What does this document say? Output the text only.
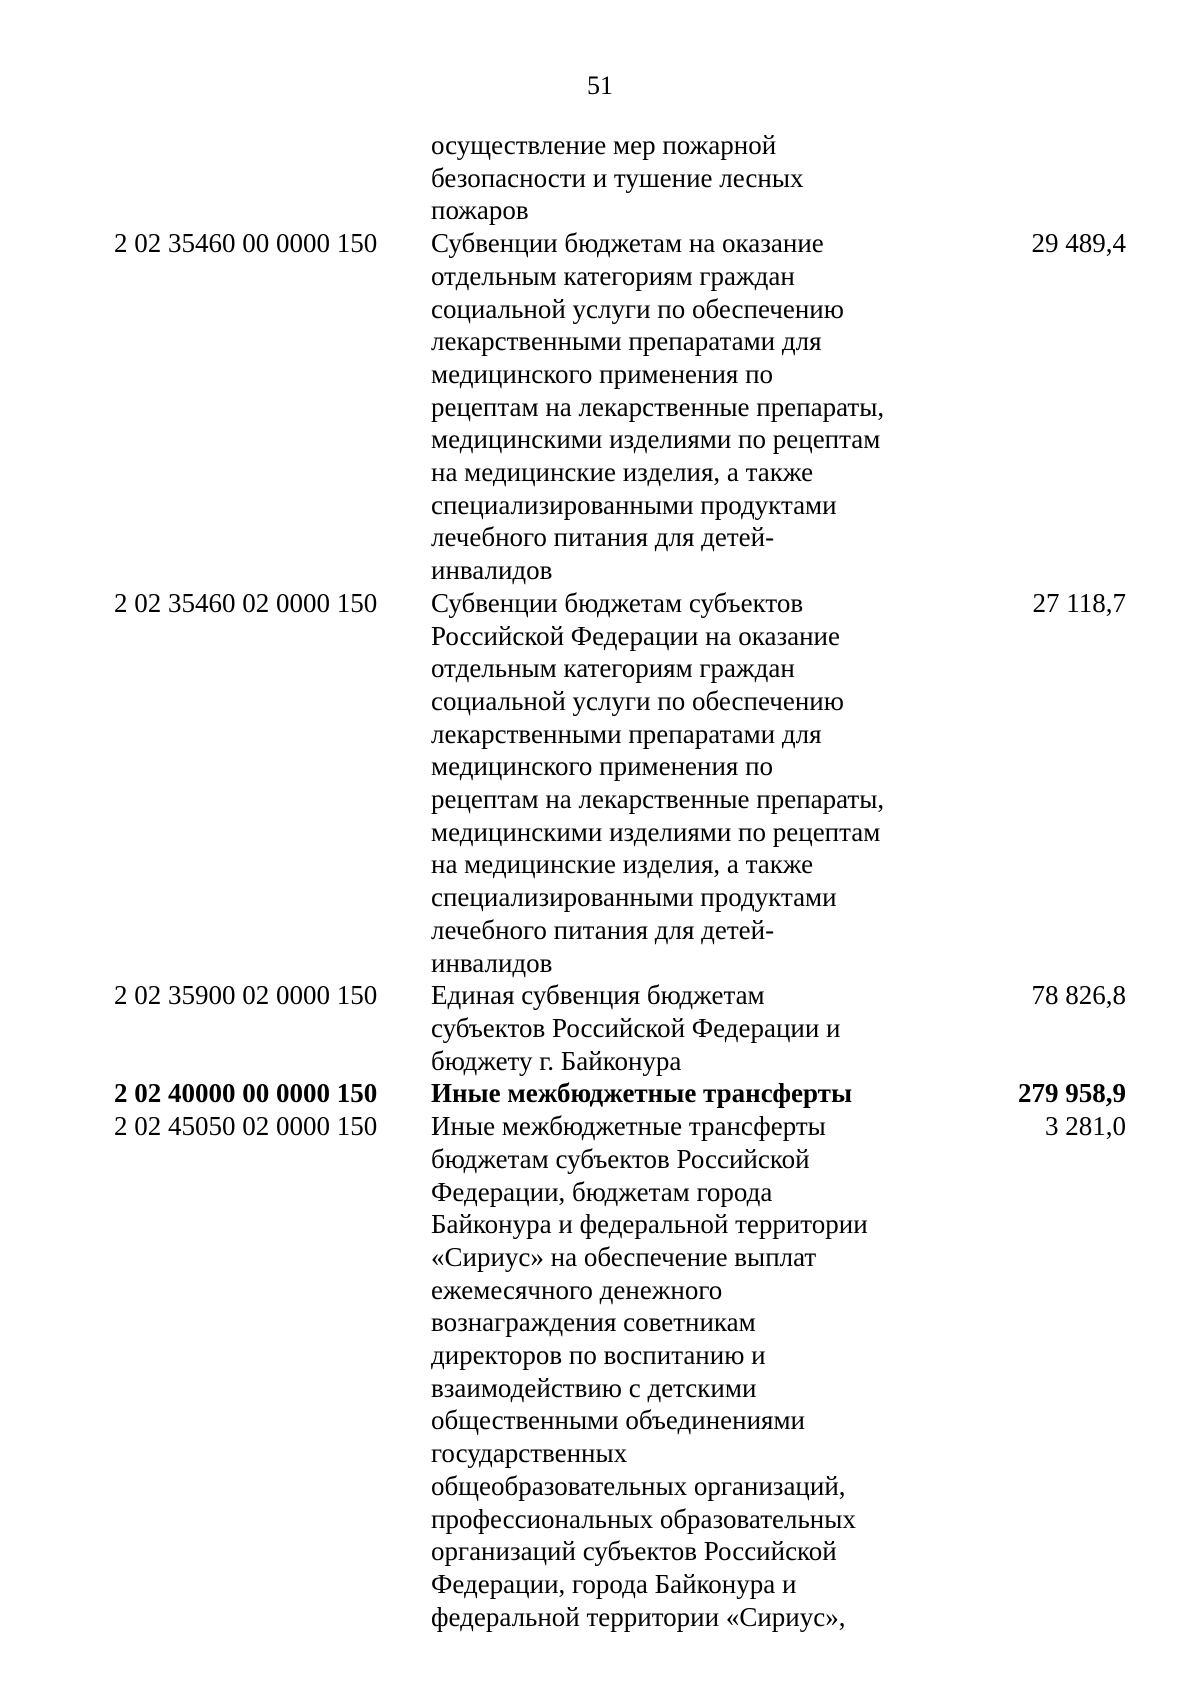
51
осуществление мер пожарной
безопасности и тушение лесных
пожаров
2 02 35460 00 0000 150 Субвенции бюджетам на оказание
отдельным категориям граждан
социальной услуги по обеспечению
лекарственными препаратами для
медицинского применения по
рецептам на лекарственные препараты,
медицинскими изделиями по рецептам
на медицинские изделия, а также
специализированными продуктами
лечебного питания для детей-
инвалидов
29 489,4
2 02 35460 02 0000 150 Субвенции бюджетам субъектов
Российской Федерации на оказание
отдельным категориям граждан
социальной услуги по обеспечению
лекарственными препаратами для
медицинского применения по
рецептам на лекарственные препараты,
медицинскими изделиями по рецептам
на медицинские изделия, а также
специализированными продуктами
лечебного питания для детей-
инвалидов
27 118,7
2 02 35900 02 0000 150 Единая субвенция бюджетам
субъектов Российской Федерации и
бюджету г. Байконура
78 826,8
2 02 40000 00 0000 150 Иные межбюджетные трансферты	279 958,9
2 02 45050 02 0000 150 Иные межбюджетные трансферты
бюджетам субъектов Российской
Федерации, бюджетам города
Байконура и федеральной территории
«Сириус» на обеспечение выплат
ежемесячного денежного
вознаграждения советникам
директоров по воспитанию и
взаимодействию с детскими
общественными объединениями
государственных
общеобразовательных организаций,
профессиональных образовательных
организаций субъектов Российской
Федерации, города Байконура и
федеральной территории «Сириус»,
3 281,0
